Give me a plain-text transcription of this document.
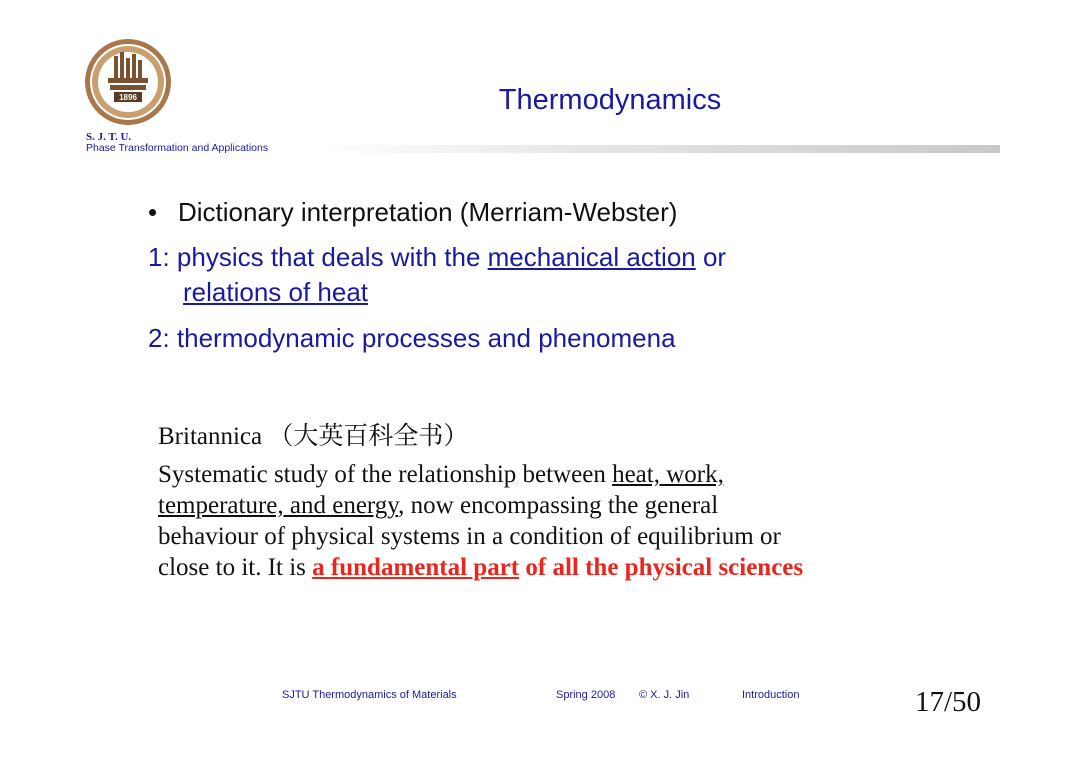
1896
S. J. T. U.
Phase Transformation and Applications
Thermodynamics
• Dictionary interpretation (Merriam-Webster)
1: physics that deals with the mechanical action or
relations of heat
2: thermodynamic processes and phenomena
Britannica （大英百科全书）
Systematic study of the relationship between heat, work,
temperature, and energy, now encompassing the general
behaviour of physical systems in a condition of equilibrium or
close to it. It is a fundamental part of all the physical sciences
SJTU Thermodynamics of Materials	Spring 2008 © X. J. Jin	Introduction	17/50
